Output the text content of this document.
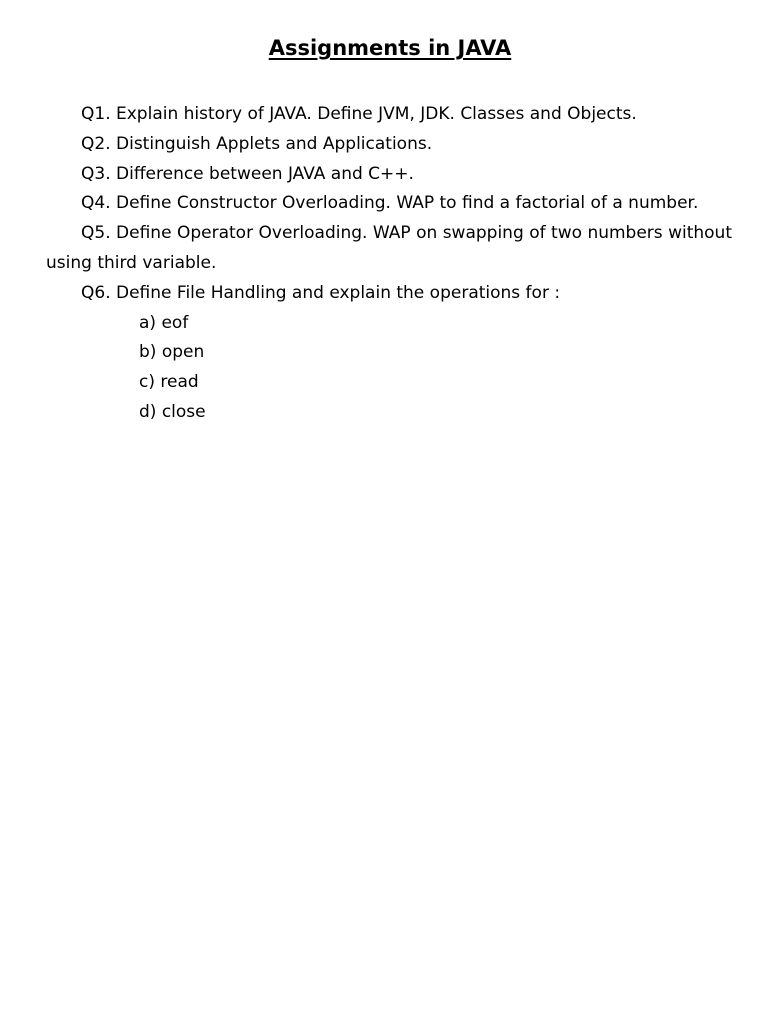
Assignments in JAVA

Q1. Explain history of JAVA. Define JVM, JDK. Classes and Objects.

Q2. Distinguish Applets and Applications.

Q3. Difference between JAVA and C++.

Q4. Define Constructor Overloading. WAP to find a factorial of a number.

Q5. Define Operator Overloading. WAP on swapping of two numbers without using third variable.

Q6. Define File Handling and explain the operations for :

a) eof

b) open

c) read

d) close
